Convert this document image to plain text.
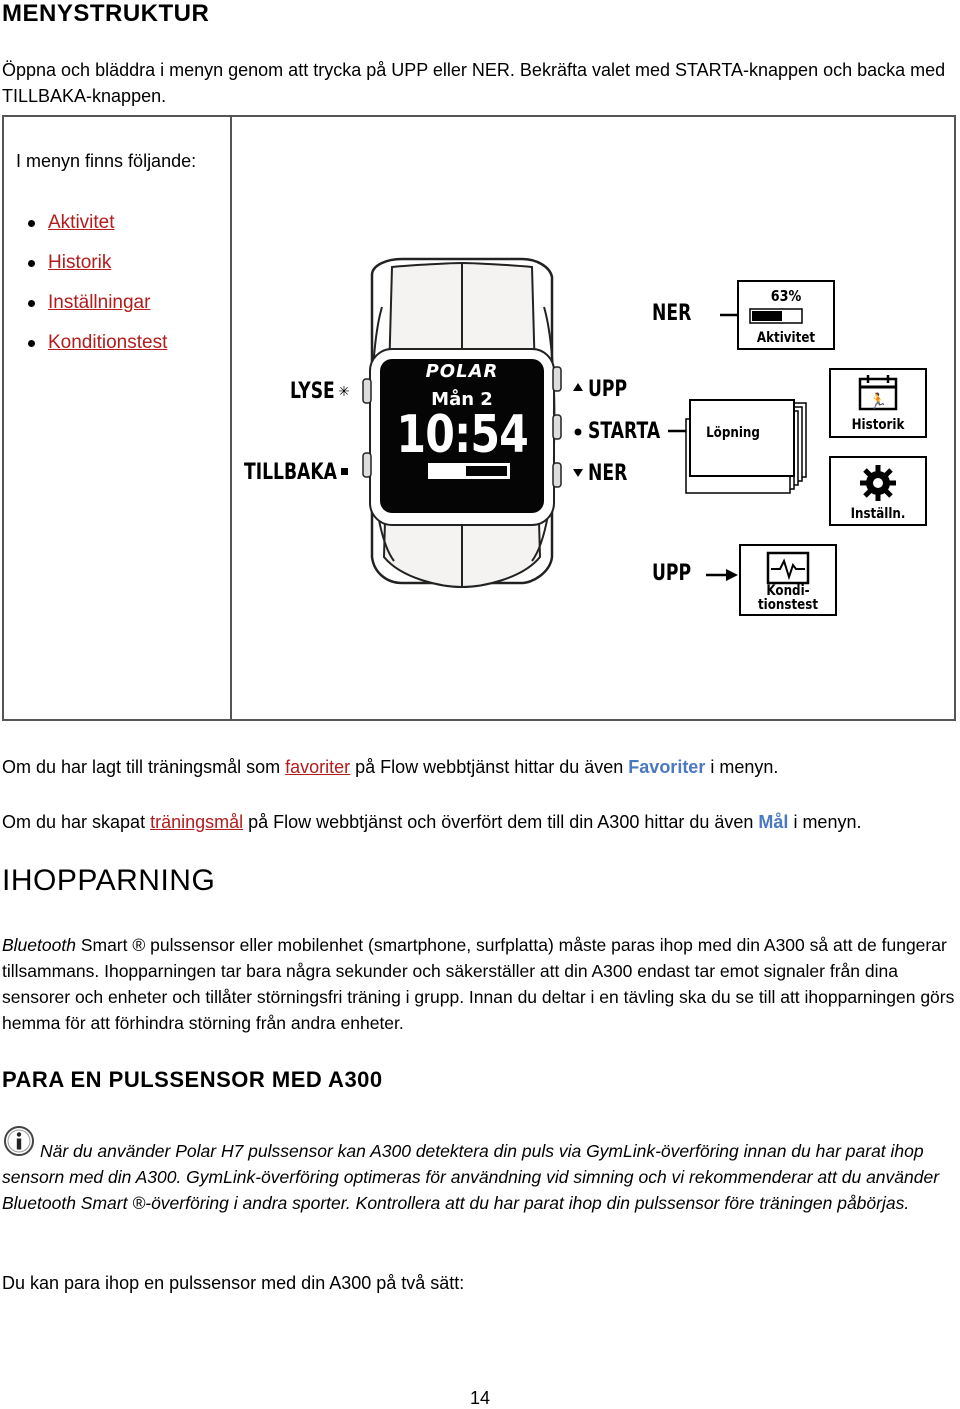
MENYSTRUKTUR
Öppna och bläddra i menyn genom att trycka på UPP eller NER. Bekräfta valet med STARTA-knappen och backa med TILLBAKA-knappen.
I menyn finns följande:
Aktivitet
Historik
Inställningar
Konditionstest

✳	🏃
POLAR
Mån 2
10:54
LYSE
TILLBAKA
UPP
STARTA
NER
NER
UPP
63%
Aktivitet
Löpning	Historik
Inställn.
Kondi-
tionstest
Om du har lagt till träningsmål som favoriter på Flow webbtjänst hittar du även Favoriter i menyn.
Om du har skapat träningsmål på Flow webbtjänst och överfört dem till din A300 hittar du även Mål i menyn.
IHOPPARNING
Bluetooth Smart ® pulssensor eller mobilenhet (smartphone, surfplatta) måste paras ihop med din A300 så att de fungerar tillsammans. Ihopparningen tar bara några sekunder och säkerställer att din A300 endast tar emot signaler från dina sensorer och enheter och tillåter störningsfri träning i grupp. Innan du deltar i en tävling ska du se till att ihopparningen görs hemma för att förhindra störning från andra enheter.
PARA EN PULSSENSOR MED A300
När du använder Polar H7 pulssensor kan A300 detektera din puls via GymLink-överföring innan du har parat ihop sensorn med din A300. GymLink-överföring optimeras för användning vid simning och vi rekommenderar att du använder Bluetooth Smart ®-överföring i andra sporter. Kontrollera att du har parat ihop din pulssensor före träningen påbörjas.
Du kan para ihop en pulssensor med din A300 på två sätt:
14
